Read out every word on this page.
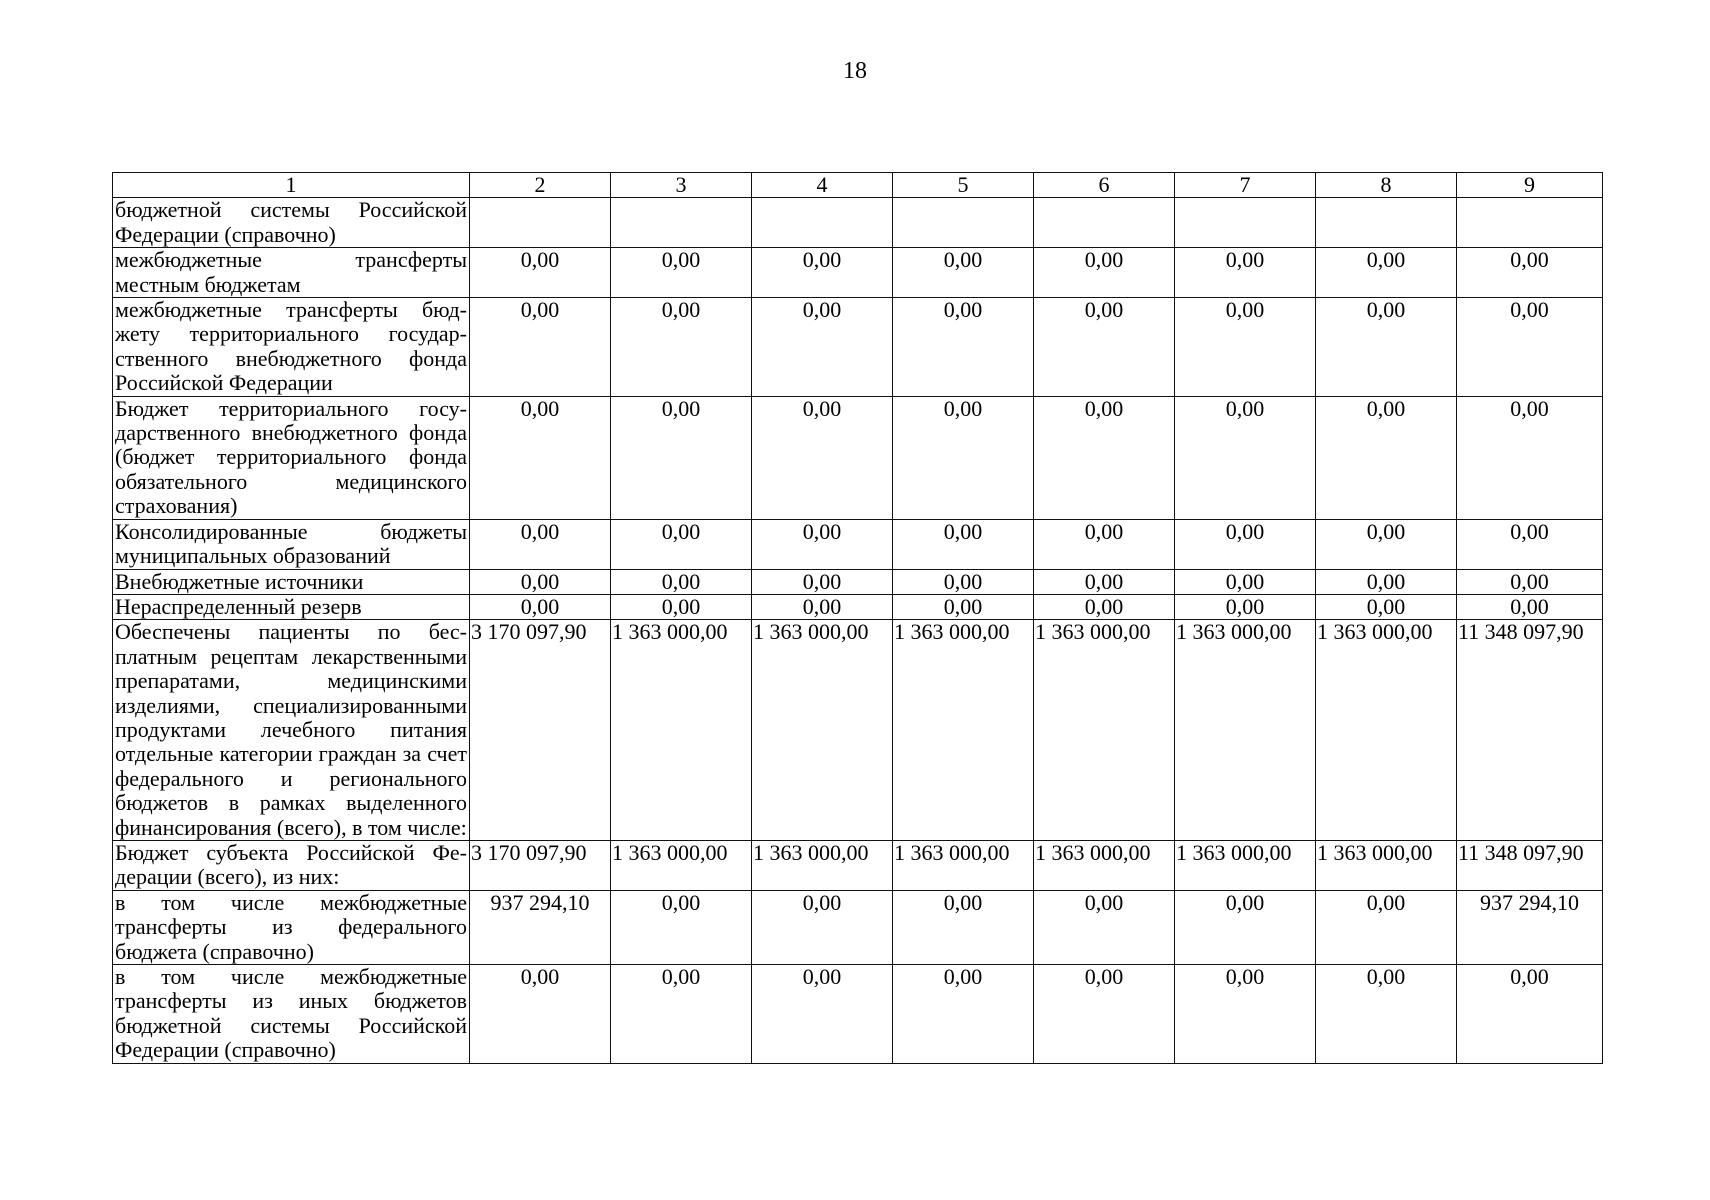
18
1	2	3	4	5	6	7	8	9
бюджетной системы Российской Федерации (справочно)								
межбюджетные трансферты местным бюджетам	0,00	0,00	0,00	0,00	0,00	0,00	0,00	0,00
межбюджетные трансферты бюджету территориального государственного внебюджетного фонда Российской Федерации	0,00	0,00	0,00	0,00	0,00	0,00	0,00	0,00
Бюджет территориального государственного внебюджетного фонда (бюджет территориального фонда обязательного медицинского страхования)	0,00	0,00	0,00	0,00	0,00	0,00	0,00	0,00
Консолидированные бюджеты муниципальных образований	0,00	0,00	0,00	0,00	0,00	0,00	0,00	0,00
Внебюджетные источники	0,00	0,00	0,00	0,00	0,00	0,00	0,00	0,00
Нераспределенный резерв	0,00	0,00	0,00	0,00	0,00	0,00	0,00	0,00
Обеспечены пациенты по бесплатным рецептам лекарственными препаратами, медицинскими изделиями, специализированными продуктами лечебного питания отдельные категории граждан за счет федерального и регионального бюджетов в рамках выделенного финансирования (всего), в том числе:	3 170 097,90	1 363 000,00	1 363 000,00	1 363 000,00	1 363 000,00	1 363 000,00	1 363 000,00	11 348 097,90
Бюджет субъекта Российской Федерации (всего), из них:	3 170 097,90	1 363 000,00	1 363 000,00	1 363 000,00	1 363 000,00	1 363 000,00	1 363 000,00	11 348 097,90
в том числе межбюджетные трансферты из федерального бюджета (справочно)	937 294,10	0,00	0,00	0,00	0,00	0,00	0,00	937 294,10
в том числе межбюджетные трансферты из иных бюджетов бюджетной системы Российской Федерации (справочно)	0,00	0,00	0,00	0,00	0,00	0,00	0,00	0,00
